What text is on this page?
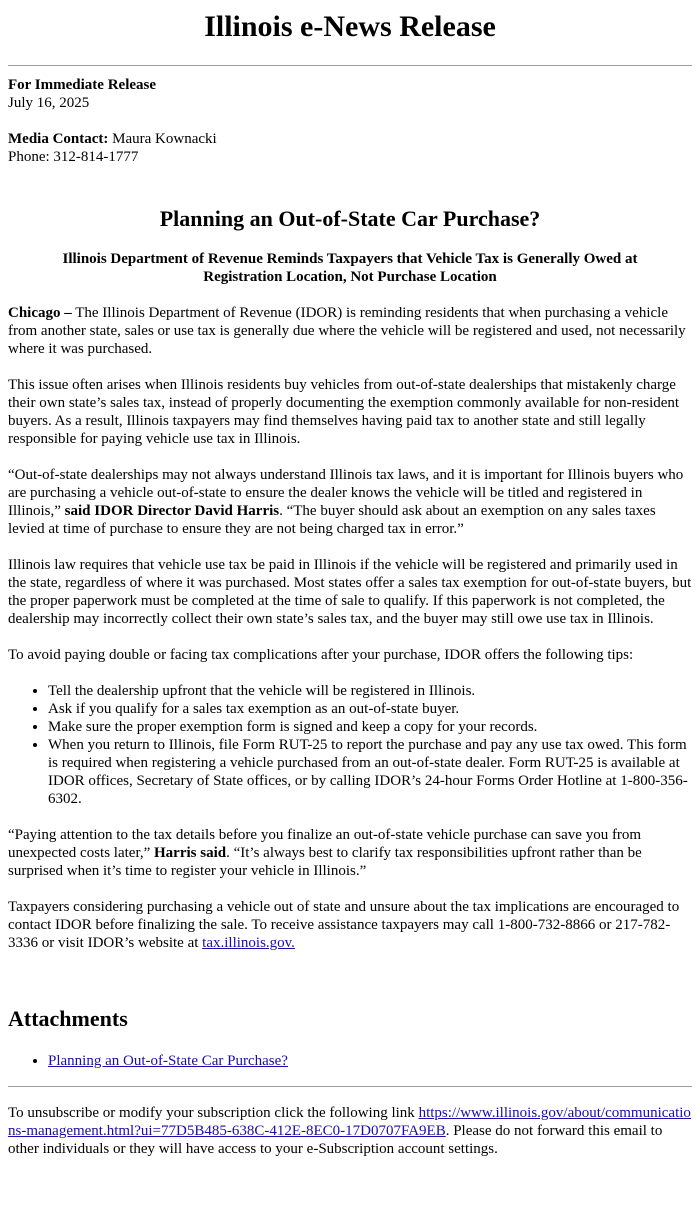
Illinois e-News Release

For Immediate Release

July 16, 2025

Media Contact: Maura Kownacki

Phone: 312-814-1777

Planning an Out-of-State Car Purchase?
Illinois Department of Revenue Reminds Taxpayers that Vehicle Tax is Generally Owed at Registration Location, Not Purchase Location

Chicago – The Illinois Department of Revenue (IDOR) is reminding residents that when purchasing a vehicle from another state, sales or use tax is generally due where the vehicle will be registered and used, not necessarily where it was purchased.

This issue often arises when Illinois residents buy vehicles from out-of-state dealerships that mistakenly charge their own state’s sales tax, instead of properly documenting the exemption commonly available for non-resident buyers. As a result, Illinois taxpayers may find themselves having paid tax to another state and still legally responsible for paying vehicle use tax in Illinois.

“Out-of-state dealerships may not always understand Illinois tax laws, and it is important for Illinois buyers who are purchasing a vehicle out-of-state to ensure the dealer knows the vehicle will be titled and registered in Illinois,” said IDOR Director David Harris. “The buyer should ask about an exemption on any sales taxes levied at time of purchase to ensure they are not being charged tax in error.”

Illinois law requires that vehicle use tax be paid in Illinois if the vehicle will be registered and primarily used in the state, regardless of where it was purchased. Most states offer a sales tax exemption for out-of-state buyers, but the proper paperwork must be completed at the time of sale to qualify. If this paperwork is not completed, the dealership may incorrectly collect their own state’s sales tax, and the buyer may still owe use tax in Illinois.

To avoid paying double or facing tax complications after your purchase, IDOR offers the following tips:

• Tell the dealership upfront that the vehicle will be registered in Illinois.
• Ask if you qualify for a sales tax exemption as an out-of-state buyer.
• Make sure the proper exemption form is signed and keep a copy for your records.
• When you return to Illinois, file Form RUT-25 to report the purchase and pay any use tax owed. This form is required when registering a vehicle purchased from an out-of-state dealer. Form RUT-25 is available at IDOR offices, Secretary of State offices, or by calling IDOR’s 24-hour Forms Order Hotline at 1-800-356-6302.

“Paying attention to the tax details before you finalize an out-of-state vehicle purchase can save you from unexpected costs later,” Harris said. “It’s always best to clarify tax responsibilities upfront rather than be surprised when it’s time to register your vehicle in Illinois.”

Taxpayers considering purchasing a vehicle out of state and unsure about the tax implications are encouraged to contact IDOR before finalizing the sale. To receive assistance taxpayers may call 1-800-732-8866 or 217-782-3336 or visit IDOR’s website at tax.illinois.gov.

Attachments
• Planning an Out-of-State Car Purchase?
To unsubscribe or modify your subscription click the following link https://www.illinois.gov/about/communications-management.html?ui=77D5B485-638C-412E-8EC0-17D0707FA9EB. Please do not forward this email to other individuals or they will have access to your e-Subscription account settings.
